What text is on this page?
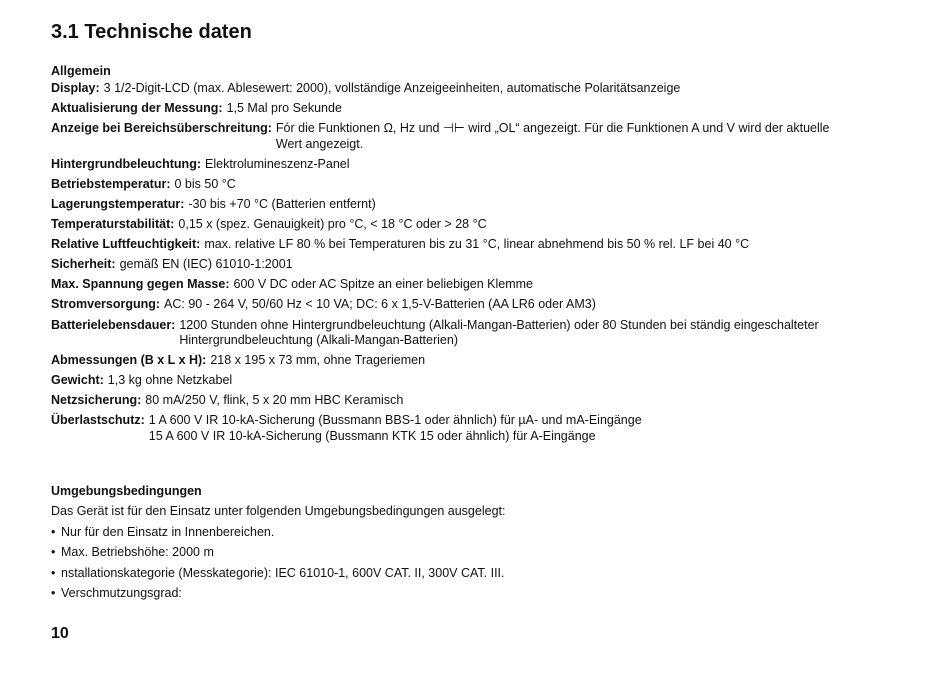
3.1 Technische daten
Allgemein
Display: 3 1/2-Digit-LCD (max. Ablesewert: 2000), vollständige Anzeigeeinheiten, automatische Polaritätsanzeige
Aktualisierung der Messung: 1,5 Mal pro Sekunde
Anzeige bei Bereichsüberschreitung: Fór die Funktionen Ω, Hz und ⊣⊢ wird „OL“ angezeigt. Für die Funktionen A und V wird der aktuelle
Wert angezeigt.
Hintergrundbeleuchtung: Elektrolumineszenz-Panel
Betriebstemperatur: 0 bis 50 °C
Lagerungstemperatur: -30 bis +70 °C (Batterien entfernt)
Temperaturstabilität: 0,15 x (spez. Genauigkeit) pro °C, < 18 °C oder > 28 °C
Relative Luftfeuchtigkeit: max. relative LF 80 % bei Temperaturen bis zu 31 °C, linear abnehmend bis 50 % rel. LF bei 40 °C
Sicherheit: gemäß EN (IEC) 61010-1:2001
Max. Spannung gegen Masse: 600 V DC oder AC Spitze an einer beliebigen Klemme
Stromversorgung: AC: 90 - 264 V, 50/60 Hz < 10 VA; DC: 6 x 1,5-V-Batterien (AA LR6 oder AM3)
Batterielebensdauer: 1200 Stunden ohne Hintergrundbeleuchtung (Alkali-Mangan-Batterien) oder 80 Stunden bei ständig eingeschalteter
Hintergrundbeleuchtung (Alkali-Mangan-Batterien)
Abmessungen (B x L x H): 218 x 195 x 73 mm, ohne Trageriemen
Gewicht: 1,3 kg ohne Netzkabel
Netzsicherung: 80 mA/250 V, flink, 5 x 20 mm HBC Keramisch
Überlastschutz: 1 A 600 V IR 10-kA-Sicherung (Bussmann BBS-1 oder ähnlich) für µA- und mA-Eingänge
15 A 600 V IR 10-kA-Sicherung (Bussmann KTK 15 oder ähnlich) für A-Eingänge
Umgebungsbedingungen
Das Gerät ist für den Einsatz unter folgenden Umgebungsbedingungen ausgelegt:
• Nur für den Einsatz in Innenbereichen.
• Max. Betriebshöhe: 2000 m
• nstallationskategorie (Messkategorie): IEC 61010-1, 600V CAT. II, 300V CAT. III.
• Verschmutzungsgrad:
10
